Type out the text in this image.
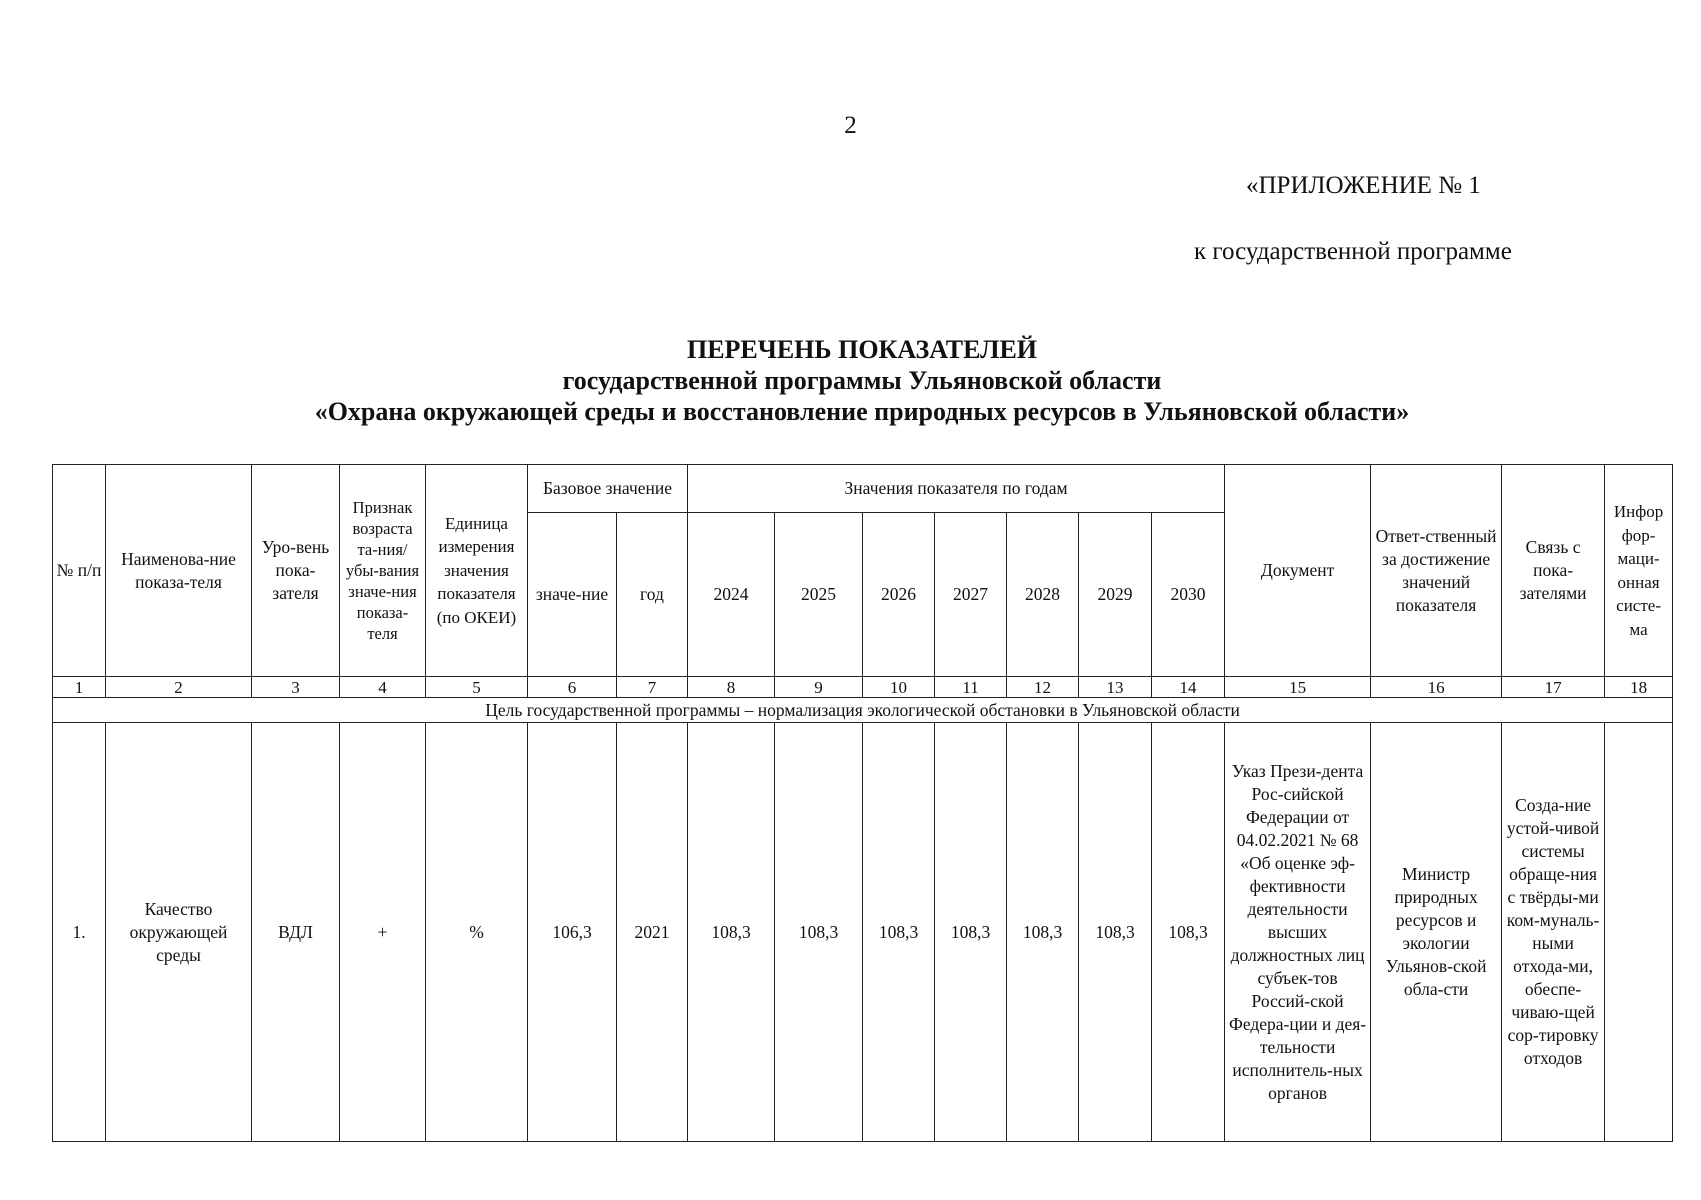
2
«ПРИЛОЖЕНИЕ № 1
к государственной программе
ПЕРЕЧЕНЬ ПОКАЗАТЕЛЕЙ
государственной программы Ульяновской области
«Охрана окружающей среды и восстановление природных ресурсов в Ульяновской области»
№ п/п	Наименова-ние показа-теля	Уро-вень пока-зателя	Признак возраста та-ния/убы-вания значе-ния показа-теля	Единица измерения значения показателя (по ОКЕИ)	Базовое значение		Значения показателя по годам							Документ	Ответ-ственный за достижение значений показателя	Связь с пока-зателями	Инфор фор-маци-онная систе-ма
					значе-ние	год	2024	2025	2026	2027	2028	2029	2030				
1	2	3	4	5	6	7	8	9	10	11	12	13	14	15	16	17	18
Цель государственной программы – нормализация экологической обстановки в Ульяновской области																	
1.	Качество окружающей среды	ВДЛ	+	%	106,3	2021	108,3	108,3	108,3	108,3	108,3	108,3	108,3	Указ Прези-дента Рос-сийской Федерации от 04.02.2021 № 68 «Об оценке эф-фективности деятельности высших должностных лиц субъек-тов Россий-ской Федера-ции и дея-тельности исполнитель-ных органов	Министр природных ресурсов и экологии Ульянов-ской обла-сти	Созда-ние устой-чивой системы обраще-ния с твёрды-ми ком-муналь-ными отхода-ми, обеспе-чиваю-щей сор-тировку отходов	
